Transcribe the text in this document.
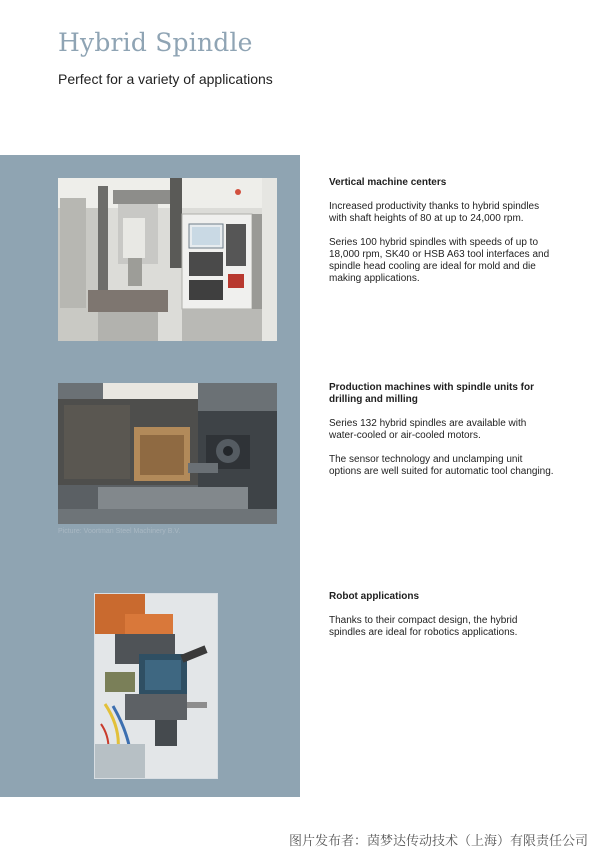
Hybrid Spindle
Perfect for a variety of applications
Picture: Voortman Steel Machinery B.V.
Vertical machine centers

Increased productivity thanks to hybrid spindles with shaft heights of 80 at up to 24,000 rpm.

Series 100 hybrid spindles with speeds of up to 18,000 rpm, SK40 or HSB A63 tool interfaces and spindle head cooling are ideal for mold and die making applications.

Production machines with spindle units for drilling and milling

Series 132 hybrid spindles are available with water-cooled or air-cooled motors.

The sensor technology and unclamping unit options are well suited for automatic tool changing.

Robot applications

Thanks to their compact design, the hybrid spindles are ideal for robotics applications.

图片发布者：茵梦达传动技术（上海）有限责任公司
